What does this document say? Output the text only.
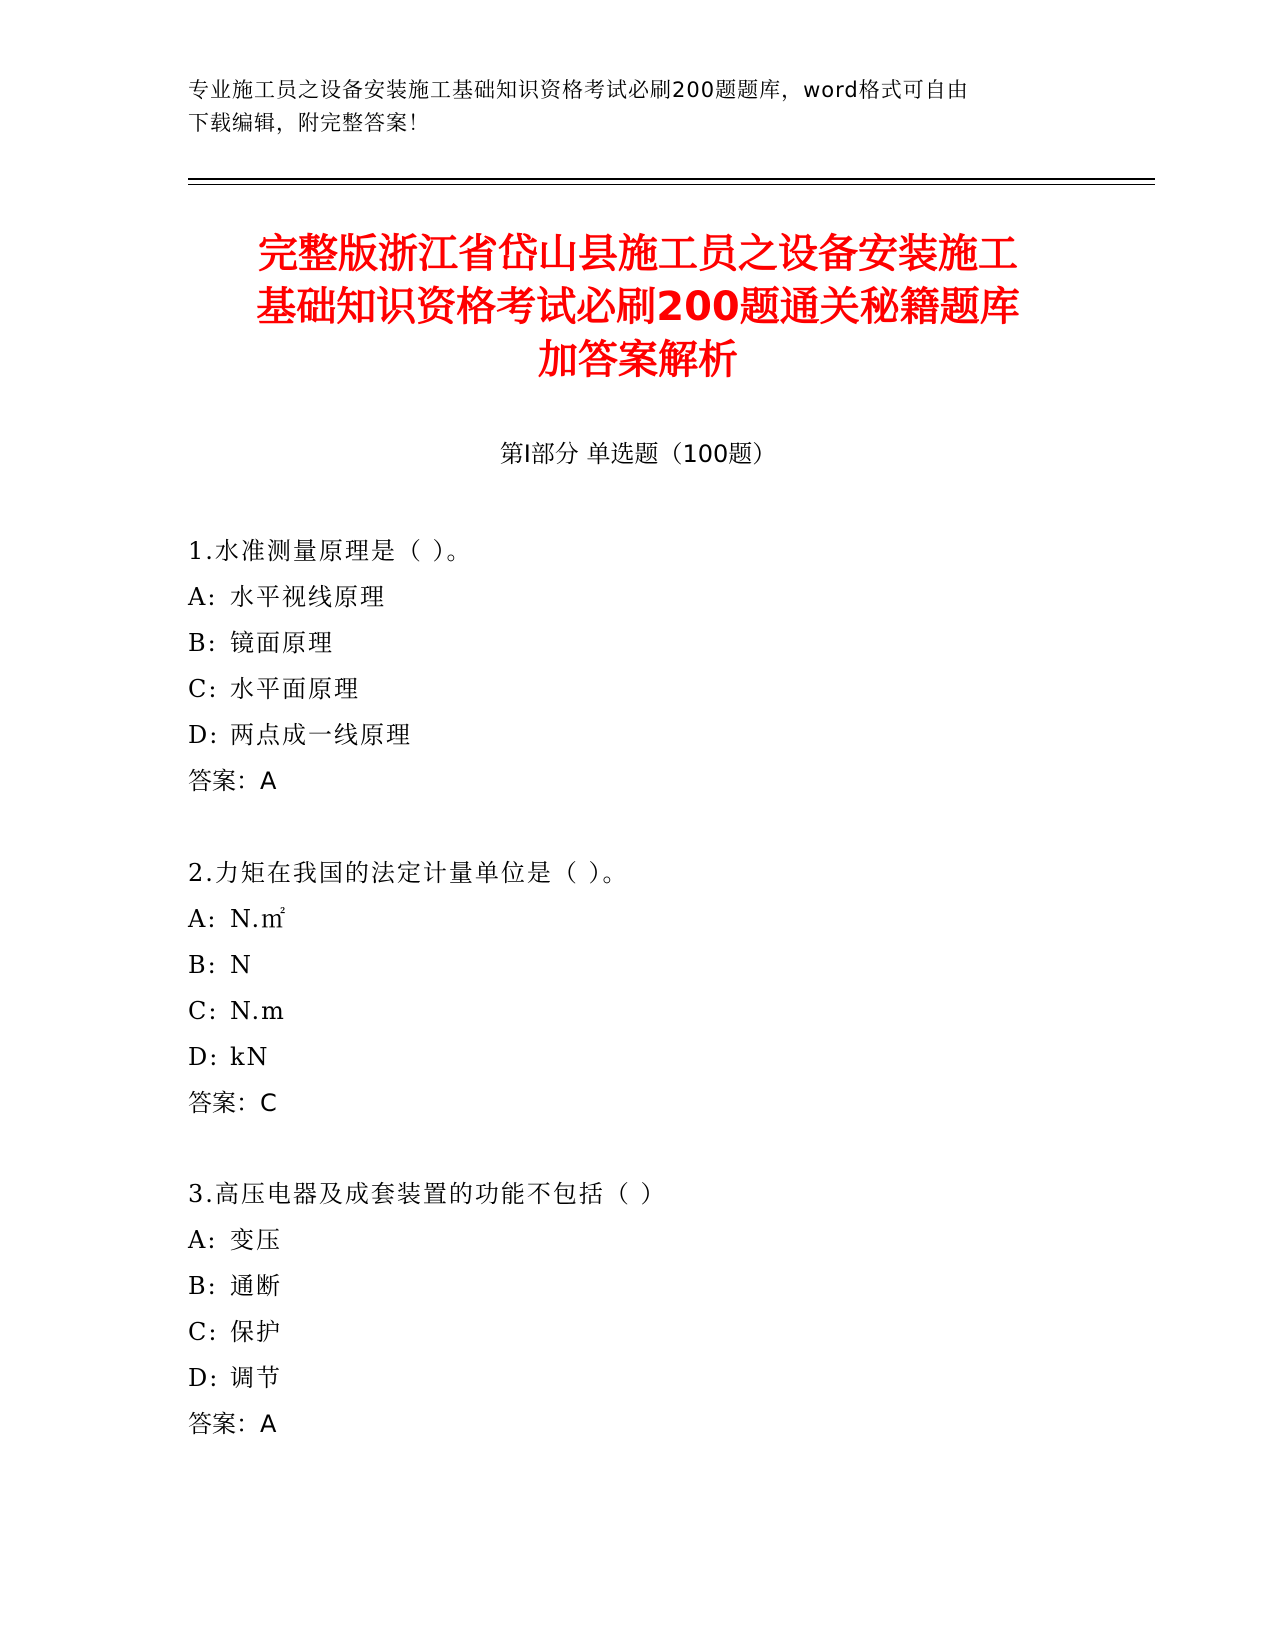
专业施工员之设备安装施工基础知识资格考试必刷200题题库，word格式可自由
下载编辑，附完整答案！
完整版浙江省岱山县施工员之设备安装施工
基础知识资格考试必刷200题通关秘籍题库
加答案解析
第Ⅰ部分 单选题（100题）
1.水准测量原理是（ ）。
A: 水平视线原理
B: 镜面原理
C: 水平面原理
D: 两点成一线原理
答案：A
2.力矩在我国的法定计量单位是（ ）。
A: N.㎡
B: N
C: N.m
D: kN
答案：C
3.高压电器及成套装置的功能不包括（ ）
A: 变压
B: 通断
C: 保护
D: 调节
答案：A
